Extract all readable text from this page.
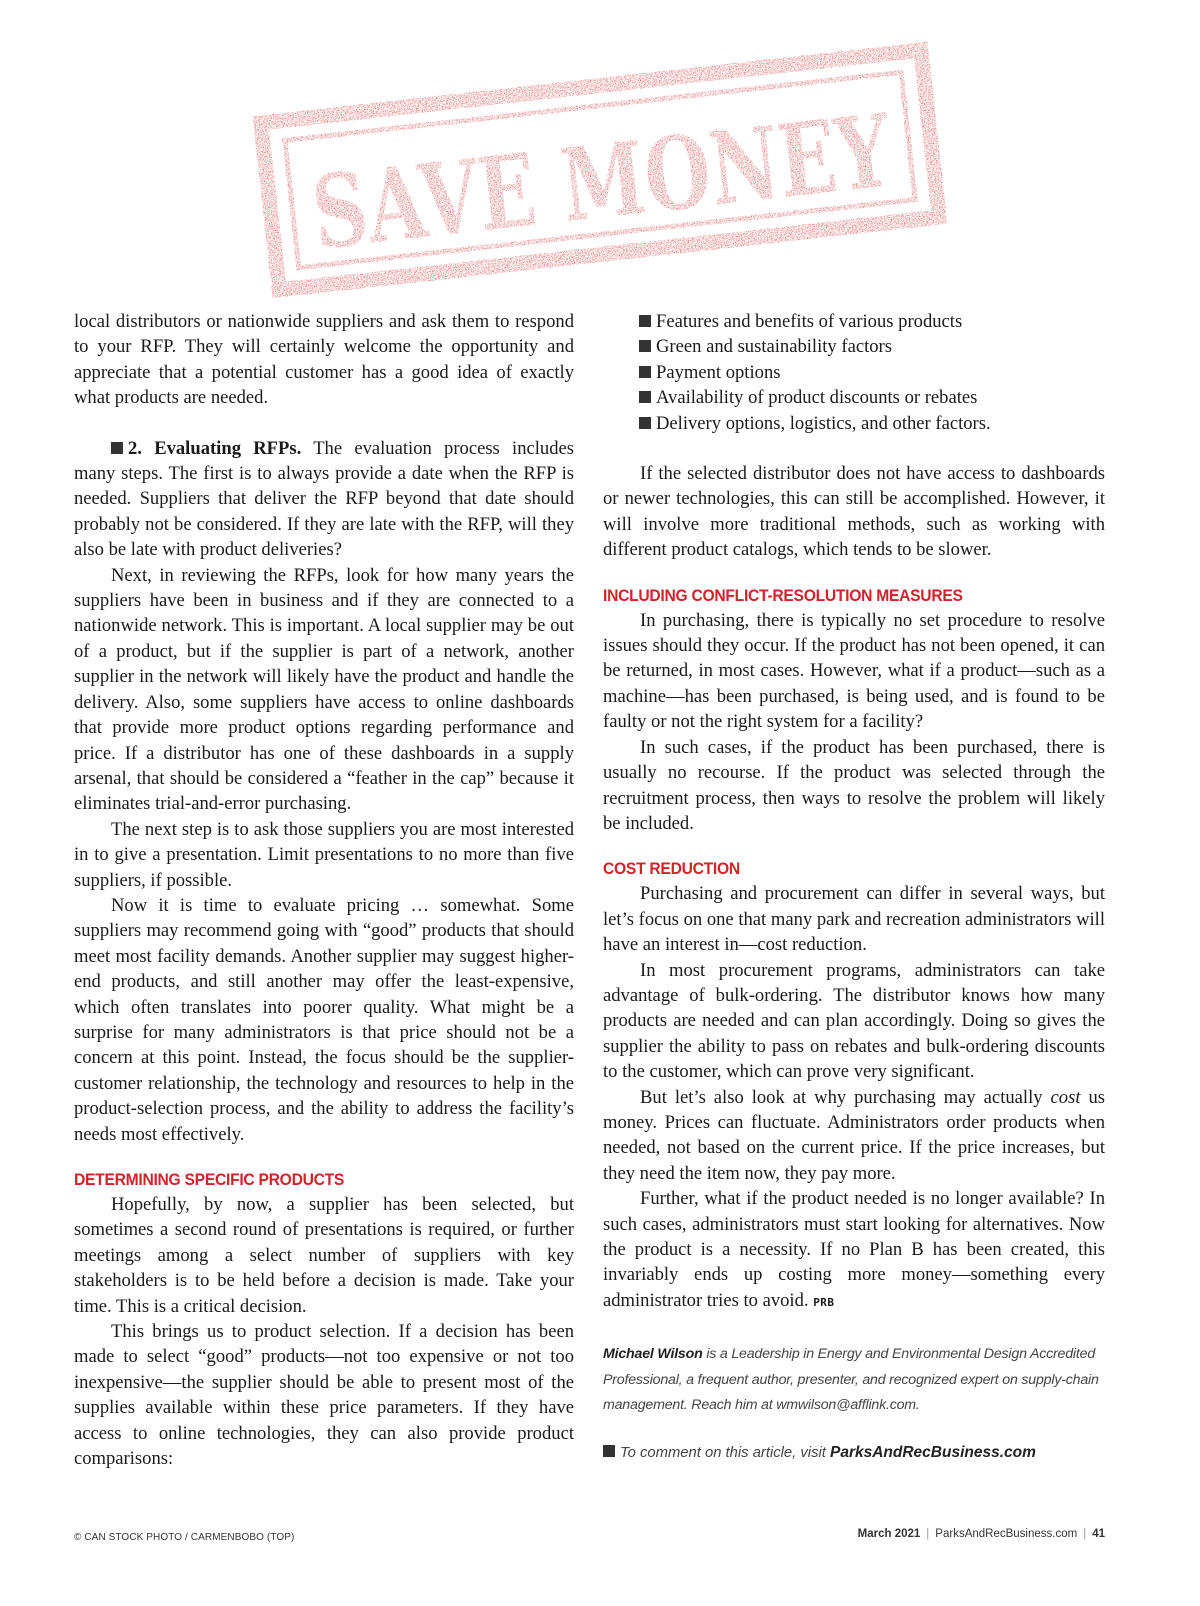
SAVE MONEY

local distributors or nationwide suppliers and ask them to respond to your RFP. They will certainly welcome the opportunity and appreciate that a potential customer has a good idea of exactly what products are needed.

2. Evaluating RFPs. The evaluation process includes many steps. The first is to always provide a date when the RFP is needed. Suppliers that deliver the RFP beyond that date should probably not be considered. If they are late with the RFP, will they also be late with product deliveries?

Next, in reviewing the RFPs, look for how many years the suppliers have been in business and if they are connected to a nationwide network. This is important. A local supplier may be out of a product, but if the supplier is part of a network, another supplier in the network will likely have the product and handle the delivery. Also, some suppliers have access to online dashboards that provide more product options regarding performance and price. If a distributor has one of these dashboards in a supply arsenal, that should be considered a “feather in the cap” because it eliminates trial-and-error purchasing.

The next step is to ask those suppliers you are most interested in to give a presentation. Limit presentations to no more than five suppliers, if possible.

Now it is time to evaluate pricing … somewhat. Some suppliers may recommend going with “good” products that should meet most facility demands. Another supplier may suggest higher-end products, and still another may offer the least-expensive, which often translates into poorer quality. What might be a surprise for many administrators is that price should not be a concern at this point. Instead, the focus should be the supplier-customer relationship, the technology and resources to help in the product-selection process, and the ability to address the facility’s needs most effectively.

DETERMINING SPECIFIC PRODUCTS

Hopefully, by now, a supplier has been selected, but sometimes a second round of presentations is required, or further meetings among a select number of suppliers with key stakeholders is to be held before a decision is made. Take your time. This is a critical decision.

This brings us to product selection. If a decision has been made to select “good” products—not too expensive or not too inexpensive—the supplier should be able to present most of the supplies available within these price parameters. If they have access to online technologies, they can also provide product comparisons:

Features and benefits of various products
Green and sustainability factors
Payment options
Availability of product discounts or rebates
Delivery options, logistics, and other factors.

If the selected distributor does not have access to dashboards or newer technologies, this can still be accomplished. However, it will involve more traditional methods, such as working with different product catalogs, which tends to be slower.

INCLUDING CONFLICT-RESOLUTION MEASURES

In purchasing, there is typically no set procedure to resolve issues should they occur. If the product has not been opened, it can be returned, in most cases. However, what if a product—such as a machine—has been purchased, is being used, and is found to be faulty or not the right system for a facility?

In such cases, if the product has been purchased, there is usually no recourse. If the product was selected through the recruitment process, then ways to resolve the problem will likely be included.

COST REDUCTION

Purchasing and procurement can differ in several ways, but let’s focus on one that many park and recreation administrators will have an interest in—cost reduction.

In most procurement programs, administrators can take advantage of bulk-ordering. The distributor knows how many products are needed and can plan accordingly. Doing so gives the supplier the ability to pass on rebates and bulk-ordering discounts to the customer, which can prove very significant.

But let’s also look at why purchasing may actually cost us money. Prices can fluctuate. Administrators order products when needed, not based on the current price. If the price increases, but they need the item now, they pay more.

Further, what if the product needed is no longer available? In such cases, administrators must start looking for alternatives. Now the product is a necessity. If no Plan B has been created, this invariably ends up costing more money—something every administrator tries to avoid. PRB

Michael Wilson is a Leadership in Energy and Environmental Design Accredited Professional, a frequent author, presenter, and recognized expert on supply-chain management. Reach him at wmwilson@afflink.com.

To comment on this article, visit ParksAndRecBusiness.com
© CAN STOCK PHOTO / CARMENBOBO (TOP)	March 2021 | ParksAndRecBusiness.com | 41
